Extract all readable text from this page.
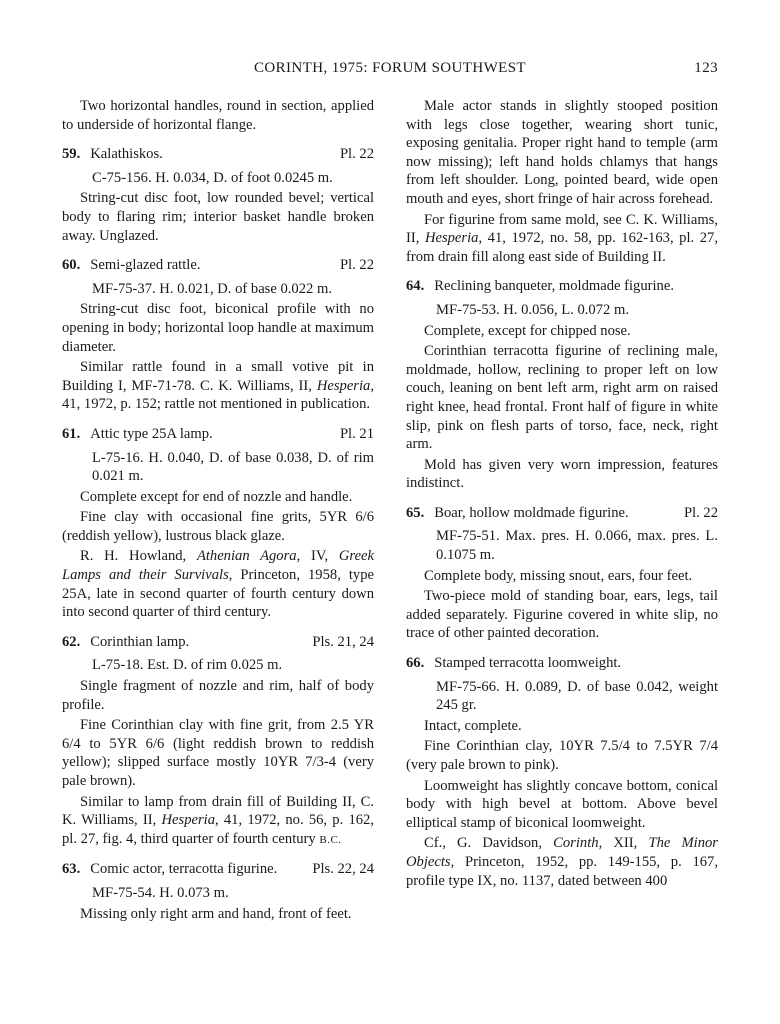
CORINTH, 1975: FORUM SOUTHWEST	123

Two horizontal handles, round in section, applied to underside of horizontal flange.

59. Kalathiskos.	Pl. 22

C-75-156. H. 0.034, D. of foot 0.0245 m.

String-cut disc foot, low rounded bevel; vertical body to flaring rim; interior basket handle broken away. Unglazed.

60. Semi-glazed rattle.	Pl. 22

MF-75-37. H. 0.021, D. of base 0.022 m.

String-cut disc foot, biconical profile with no opening in body; horizontal loop handle at maximum diameter.

Similar rattle found in a small votive pit in Building I, MF-71-78. C. K. Williams, II, Hesperia, 41, 1972, p. 152; rattle not mentioned in publication.

61. Attic type 25A lamp.	Pl. 21

L-75-16. H. 0.040, D. of base 0.038, D. of rim 0.021 m.

Complete except for end of nozzle and handle.

Fine clay with occasional fine grits, 5YR 6/6 (reddish yellow), lustrous black glaze.

R. H. Howland, Athenian Agora, IV, Greek Lamps and their Survivals, Princeton, 1958, type 25A, late in second quarter of fourth century down into second quarter of third century.

62. Corinthian lamp.	Pls. 21, 24

L-75-18. Est. D. of rim 0.025 m.

Single fragment of nozzle and rim, half of body profile.

Fine Corinthian clay with fine grit, from 2.5 YR 6/4 to 5YR 6/6 (light reddish brown to reddish yellow); slipped surface mostly 10YR 7/3-4 (very pale brown).

Similar to lamp from drain fill of Building II, C. K. Williams, II, Hesperia, 41, 1972, no. 56, p. 162, pl. 27, fig. 4, third quarter of fourth century B.C.

63. Comic actor, terracotta figurine. Pls. 22, 24

MF-75-54. H. 0.073 m.

Missing only right arm and hand, front of feet.

Male actor stands in slightly stooped position with legs close together, wearing short tunic, exposing genitalia. Proper right hand to temple (arm now missing); left hand holds chlamys that hangs from left shoulder. Long, pointed beard, wide open mouth and eyes, short fringe of hair across forehead.

For figurine from same mold, see C. K. Williams, II, Hesperia, 41, 1972, no. 58, pp. 162-163, pl. 27, from drain fill along east side of Building II.

64. Reclining banqueter, moldmade figurine.

MF-75-53. H. 0.056, L. 0.072 m.

Complete, except for chipped nose.

Corinthian terracotta figurine of reclining male, moldmade, hollow, reclining to proper left on low couch, leaning on bent left arm, right arm on raised right knee, head frontal. Front half of figure in white slip, pink on flesh parts of torso, face, neck, right arm.

Mold has given very worn impression, features indistinct.

65. Boar, hollow moldmade figurine.	Pl. 22

MF-75-51. Max. pres. H. 0.066, max. pres. L. 0.1075 m.

Complete body, missing snout, ears, four feet.

Two-piece mold of standing boar, ears, legs, tail added separately. Figurine covered in white slip, no trace of other painted decoration.

66. Stamped terracotta loomweight.

MF-75-66. H. 0.089, D. of base 0.042, weight 245 gr.

Intact, complete.

Fine Corinthian clay, 10YR 7.5/4 to 7.5YR 7/4 (very pale brown to pink).

Loomweight has slightly concave bottom, conical body with high bevel at bottom. Above bevel elliptical stamp of biconical loomweight.

Cf., G. Davidson, Corinth, XII, The Minor Objects, Princeton, 1952, pp. 149-155, p. 167, profile type IX, no. 1137, dated between 400
